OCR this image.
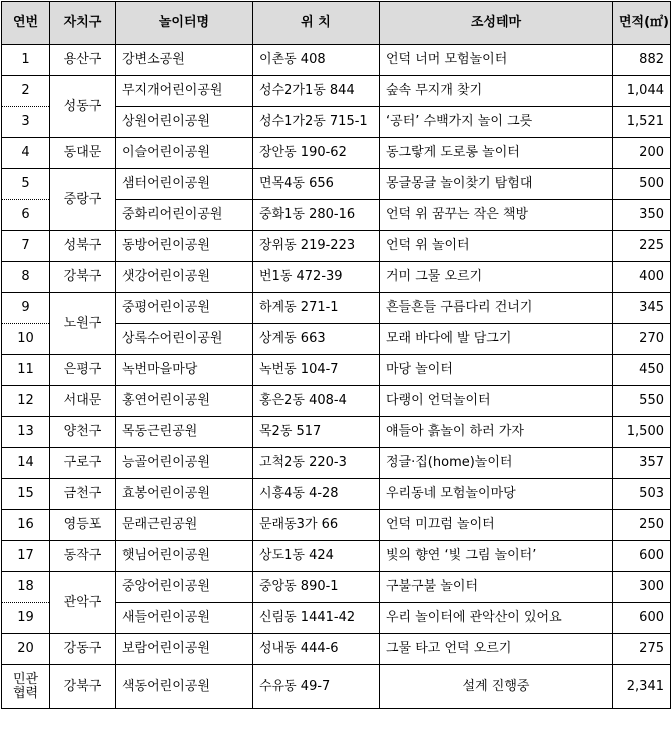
연번	자치구	놀이터명	위 치	조성테마	면적(㎡)
1	용산구	강변소공원	이촌동 408	언덕 너머 모험놀이터	882
2	성동구	무지개어린이공원	성수2가1동 844	숲속 무지개 찾기	1,044
3		상원어린이공원	성수1가2동 715-1	‘공터’ 수백가지 놀이 그릇	1,521
4	동대문	이슬어린이공원	장안동 190-62	동그랗게 도로롱 놀이터	200
5	중랑구	샘터어린이공원	면목4동 656	몽글몽글 놀이찾기 탐험대	500
6		중화리어린이공원	중화1동 280-16	언덕 위 꿈꾸는 작은 책방	350
7	성북구	동방어린이공원	장위동 219-223	언덕 위 놀이터	225
8	강북구	샛강어린이공원	번1동 472-39	거미 그물 오르기	400
9	노원구	중평어린이공원	하계동 271-1	흔들흔들 구름다리 건너기	345
10		상록수어린이공원	상계동 663	모래 바다에 발 담그기	270
11	은평구	녹번마을마당	녹번동 104-7	마당 놀이터	450
12	서대문	홍연어린이공원	홍은2동 408-4	다랭이 언덕놀이터	550
13	양천구	목동근린공원	목2동 517	얘들아 흙놀이 하러 가자	1,500
14	구로구	능골어린이공원	고척2동 220-3	정글·집(home)놀이터	357
15	금천구	효봉어린이공원	시흥4동 4-28	우리동네 모험놀이마당	503
16	영등포	문래근린공원	문래동3가 66	언덕 미끄럼 놀이터	250
17	동작구	햇님어린이공원	상도1동 424	빛의 향연 ‘빛 그림 놀이터’	600
18	관악구	중앙어린이공원	중앙동 890-1	구불구불 놀이터	300
19		새들어린이공원	신림동 1441-42	우리 놀이터에 관악산이 있어요	600
20	강동구	보람어린이공원	성내동 444-6	그물 타고 언덕 오르기	275

민관
협력	강북구	색동어린이공원	수유동 49-7	설계 진행중	2,341
